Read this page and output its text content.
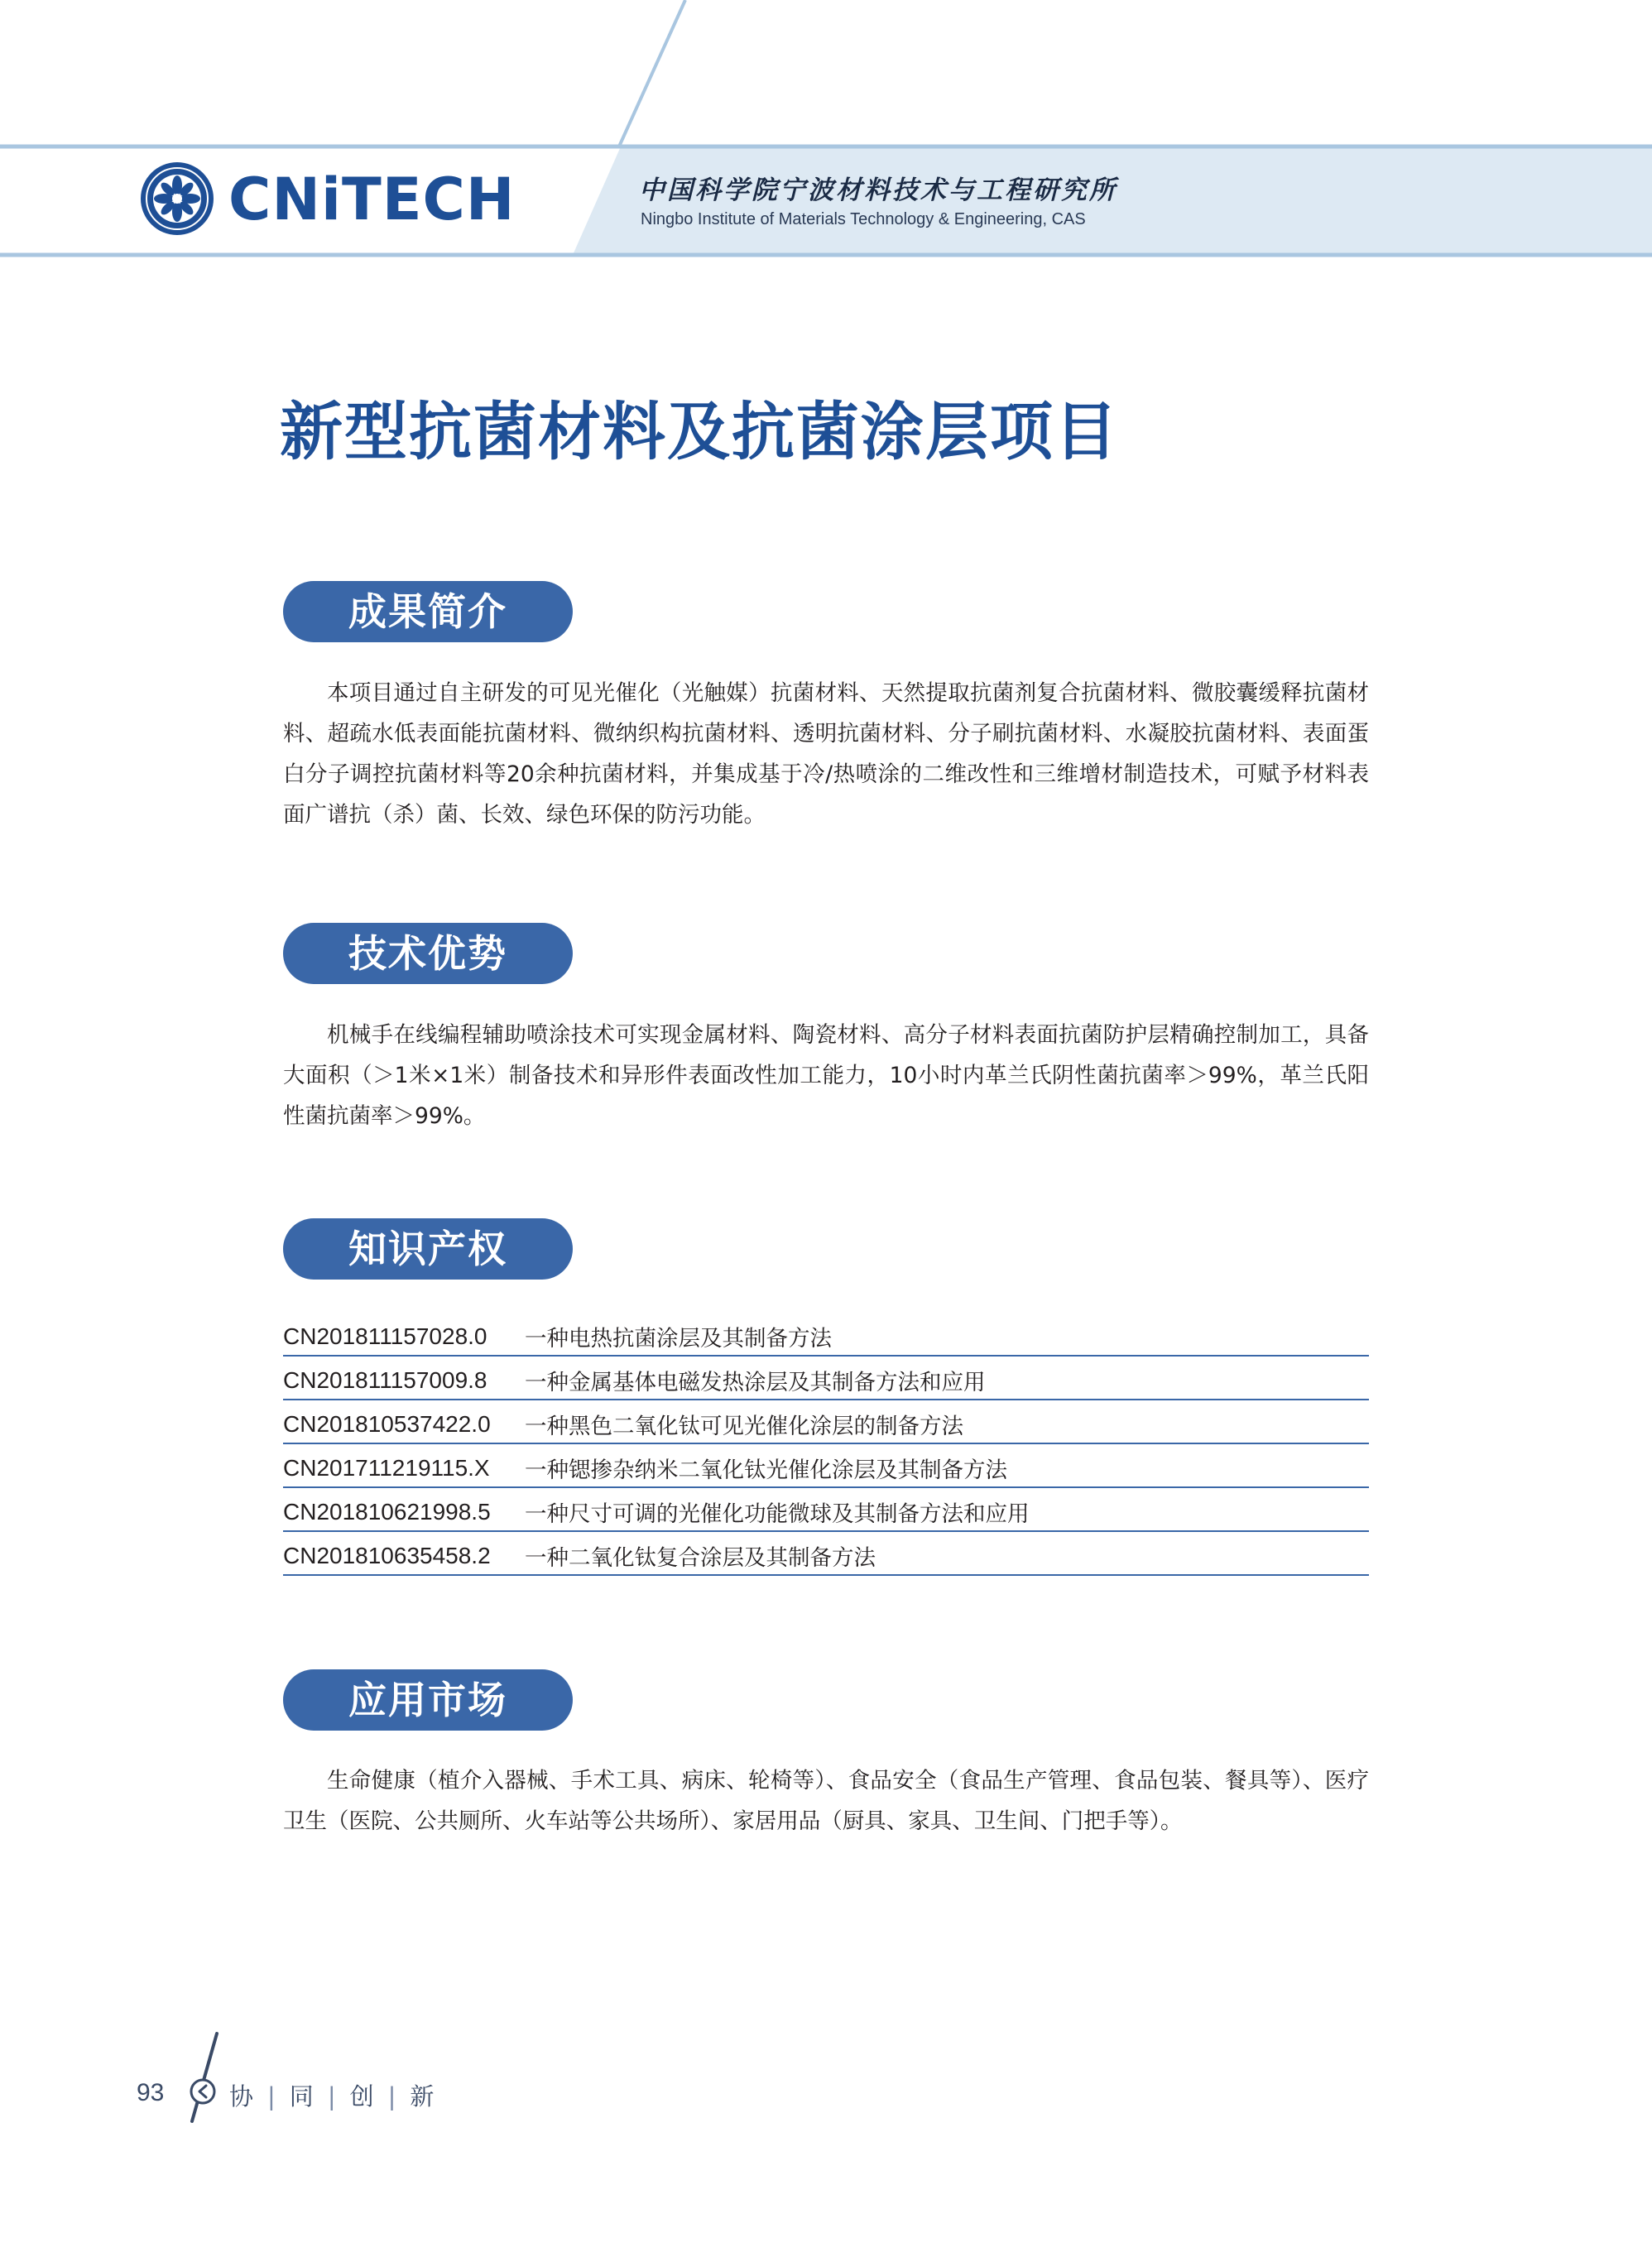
CNiTECH	中国科学院宁波材料技术与工程研究所
Ningbo Institute of Materials Technology & Engineering, CAS
新型抗菌材料及抗菌涂层项目
成果简介

本项目通过自主研发的可见光催化（光触媒）抗菌材料、天然提取抗菌剂复合抗菌材料、微胶囊缓释抗菌材料、超疏水低表面能抗菌材料、微纳织构抗菌材料、透明抗菌材料、分子刷抗菌材料、水凝胶抗菌材料、表面蛋白分子调控抗菌材料等20余种抗菌材料，并集成基于冷/热喷涂的二维改性和三维增材制造技术，可赋予材料表面广谱抗（杀）菌、长效、绿色环保的防污功能。

技术优势

机械手在线编程辅助喷涂技术可实现金属材料、陶瓷材料、高分子材料表面抗菌防护层精确控制加工，具备大面积（＞1米×1米）制备技术和异形件表面改性加工能力，10小时内革兰氏阴性菌抗菌率＞99%，革兰氏阳性菌抗菌率＞99%。

知识产权
CN201811157028.0	一种电热抗菌涂层及其制备方法
CN201811157009.8	一种金属基体电磁发热涂层及其制备方法和应用
CN201810537422.0	一种黑色二氧化钛可见光催化涂层的制备方法
CN201711219115.X	一种锶掺杂纳米二氧化钛光催化涂层及其制备方法
CN201810621998.5	一种尺寸可调的光催化功能微球及其制备方法和应用
CN201810635458.2	一种二氧化钛复合涂层及其制备方法
应用市场

生命健康（植介入器械、手术工具、病床、轮椅等）、食品安全（食品生产管理、食品包装、餐具等）、医疗卫生（医院、公共厕所、火车站等公共场所）、家居用品（厨具、家具、卫生间、门把手等）。

93	协 | 同 | 创 | 新
